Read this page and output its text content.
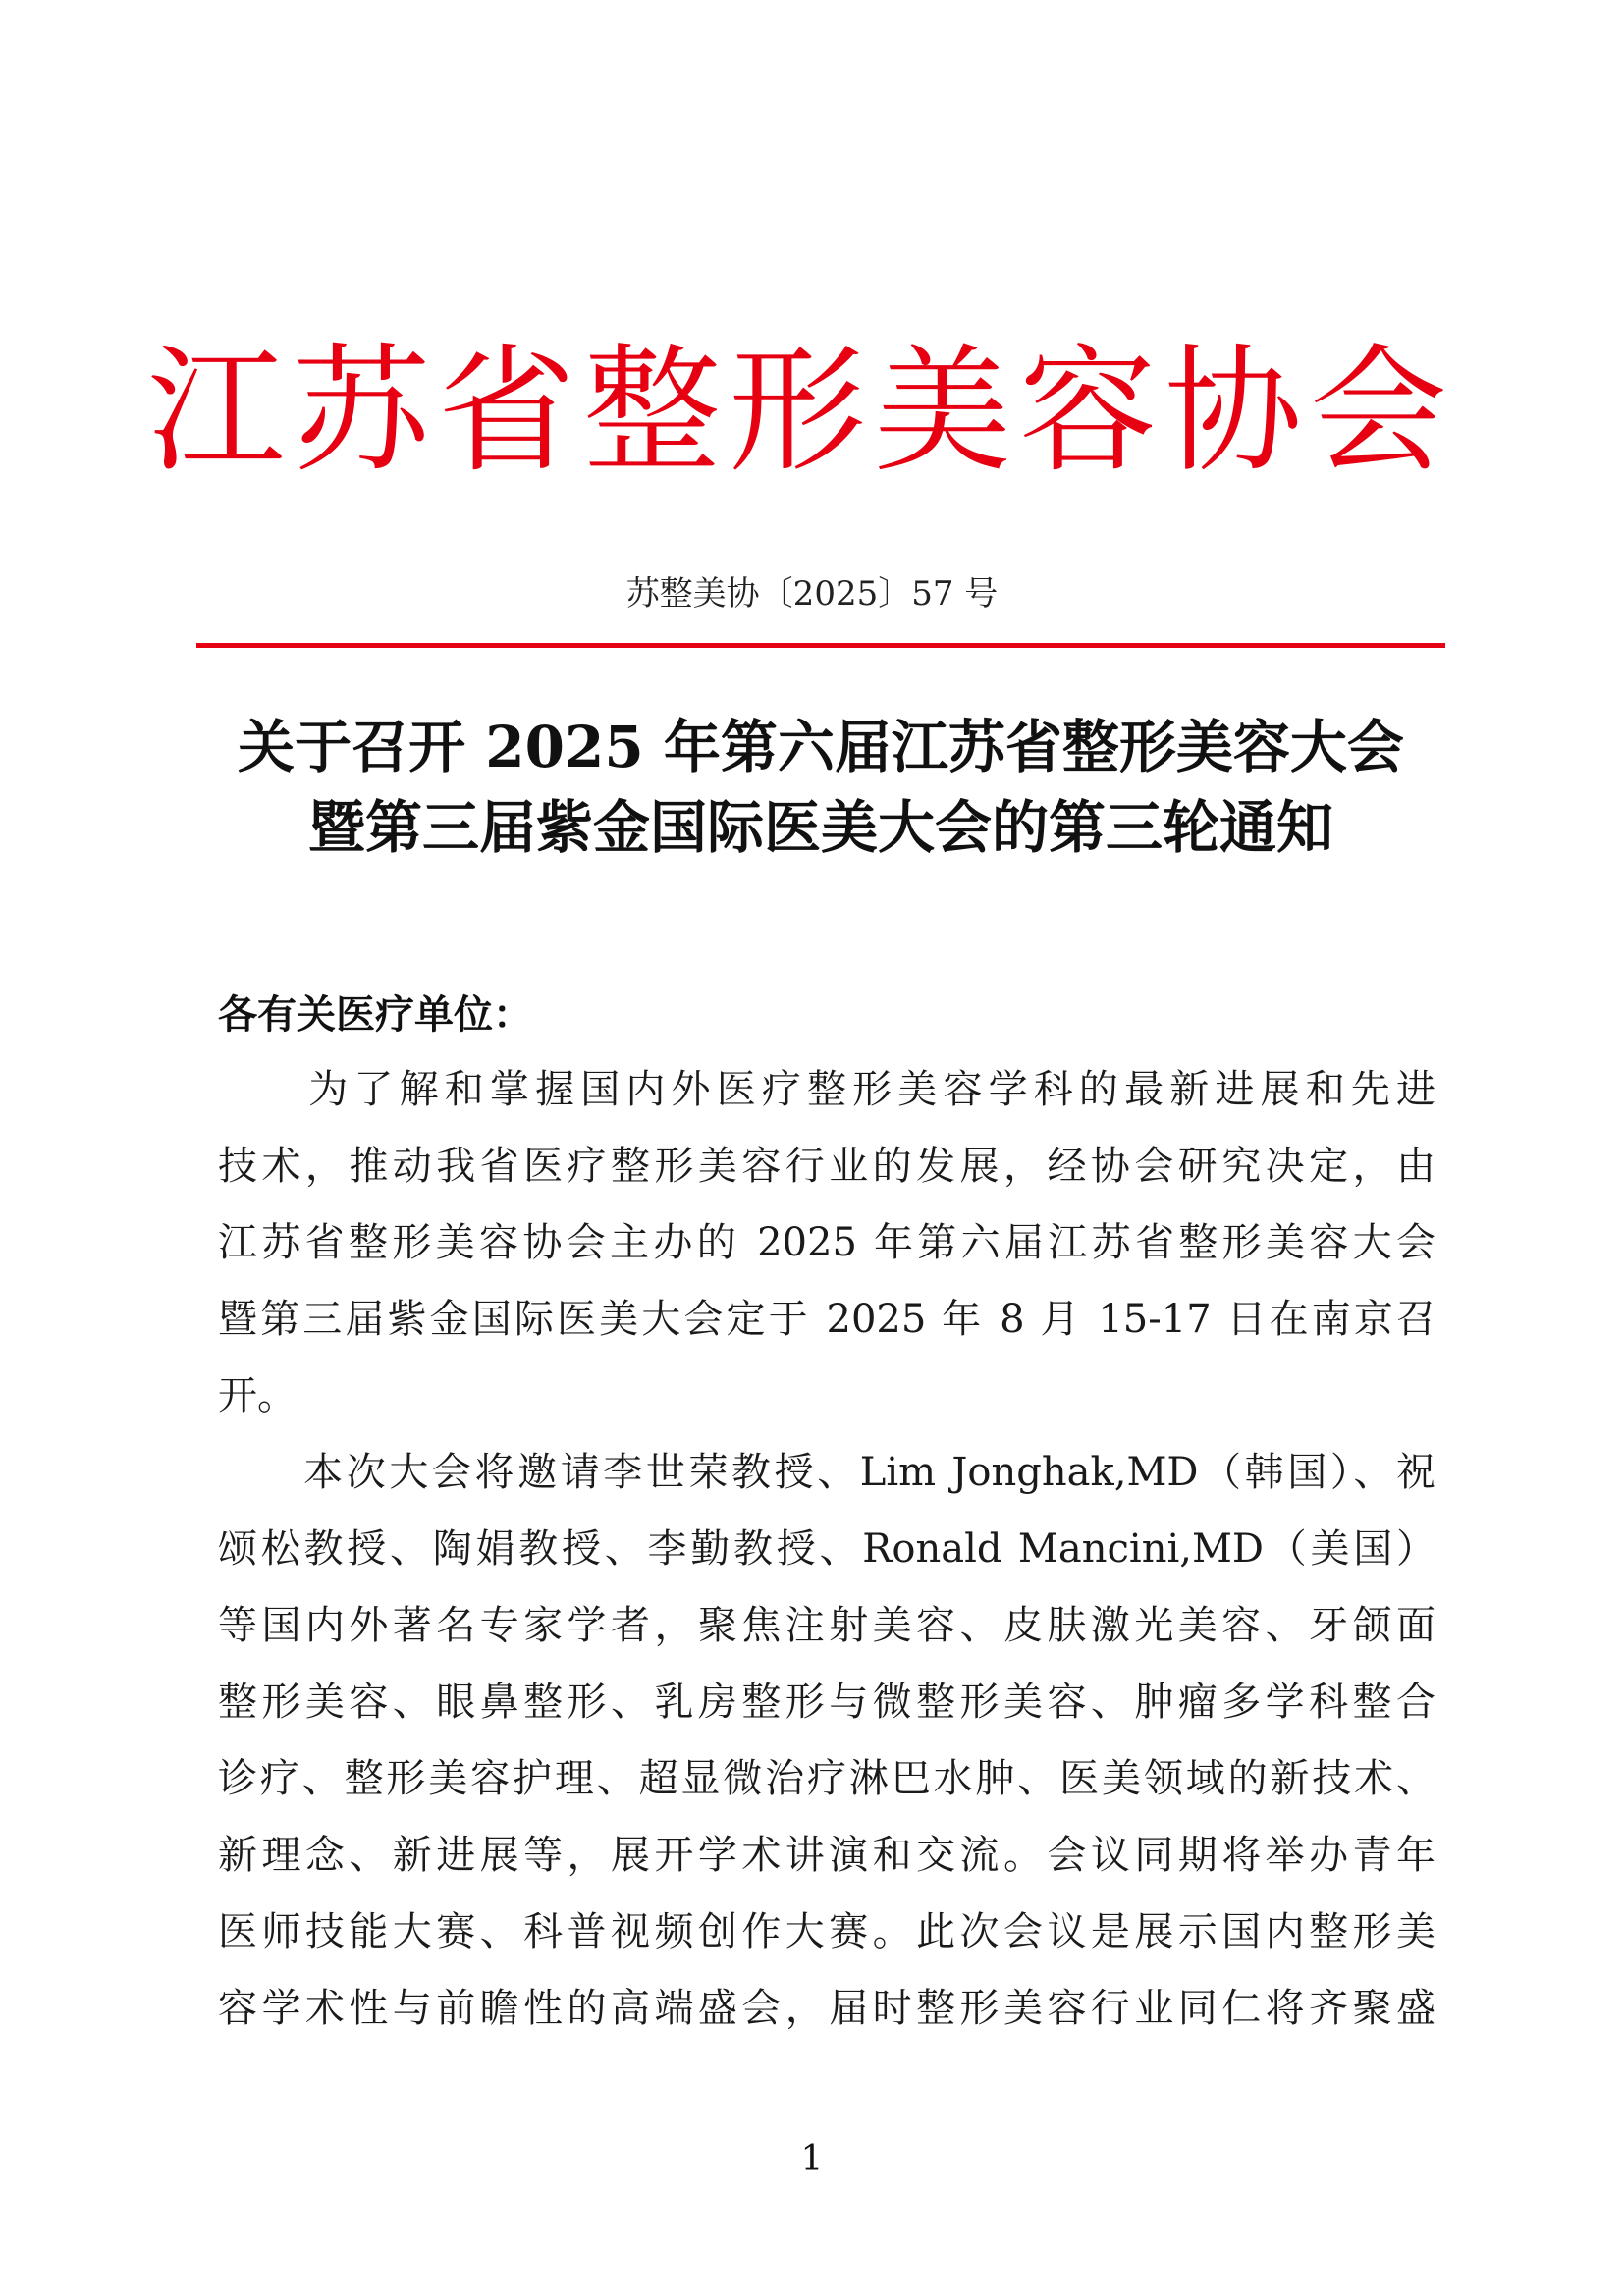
江苏省整形美容协会
苏整美协〔2025〕57 号
关于召开 2025 年第六届江苏省整形美容大会
暨第三届紫金国际医美大会的第三轮通知
各有关医疗单位：
　　为了解和掌握国内外医疗整形美容学科的最新进展和先进
技术，推动我省医疗整形美容行业的发展，经协会研究决定，由
江苏省整形美容协会主办的 2025 年第六届江苏省整形美容大会
暨第三届紫金国际医美大会定于 2025 年 8 月 15-17 日在南京召
开。
　　本次大会将邀请李世荣教授、Lim Jonghak,MD（韩国）、祝
颂松教授、陶娟教授、李勤教授、Ronald Mancini,MD（美国）
等国内外著名专家学者，聚焦注射美容、皮肤激光美容、牙颌面
整形美容、眼鼻整形、乳房整形与微整形美容、肿瘤多学科整合
诊疗、整形美容护理、超显微治疗淋巴水肿、医美领域的新技术、
新理念、新进展等，展开学术讲演和交流。会议同期将举办青年
医师技能大赛、科普视频创作大赛。此次会议是展示国内整形美
容学术性与前瞻性的高端盛会，届时整形美容行业同仁将齐聚盛
1
